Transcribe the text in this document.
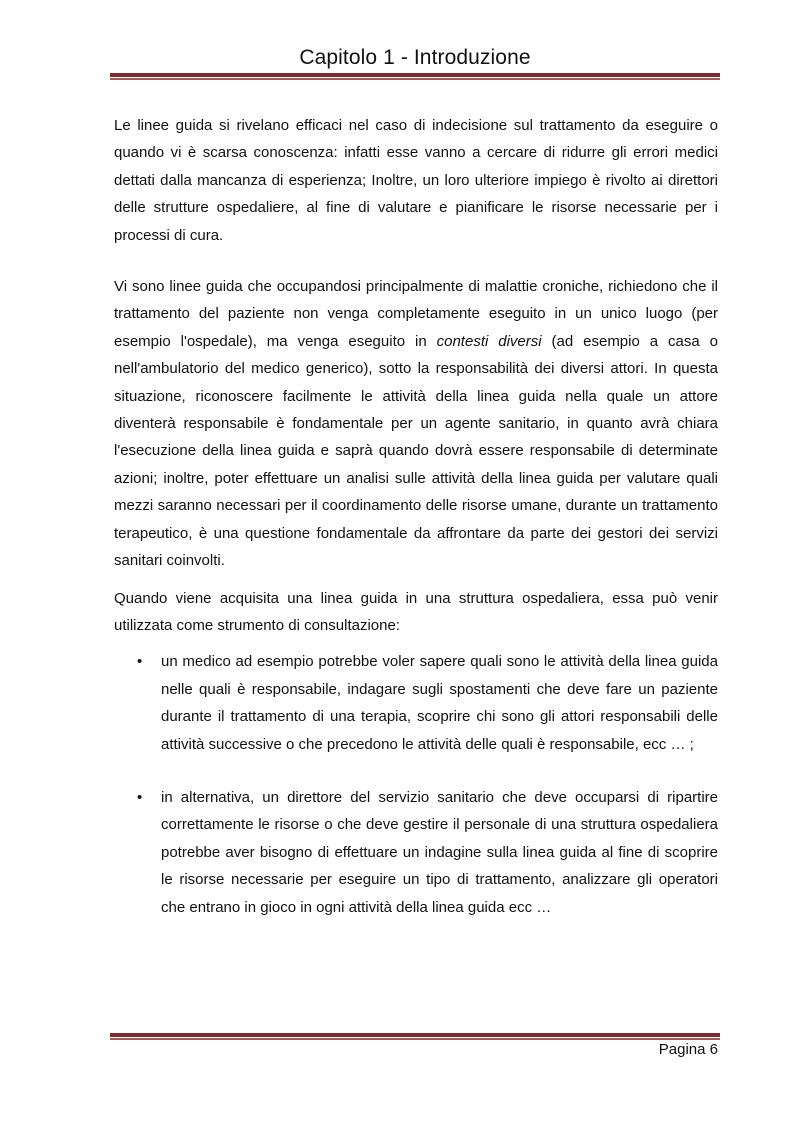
Capitolo 1 - Introduzione

Le linee guida si rivelano efficaci nel caso di indecisione sul trattamento da eseguire o quando vi è scarsa conoscenza: infatti esse vanno a cercare di ridurre gli errori medici dettati dalla mancanza di esperienza; Inoltre, un loro ulteriore impiego è rivolto ai direttori delle strutture ospedaliere, al fine di valutare e pianificare le risorse necessarie per i processi di cura.

Vi sono linee guida che occupandosi principalmente di malattie croniche, richiedono che il trattamento del paziente non venga completamente eseguito in un unico luogo (per esempio l'ospedale), ma venga eseguito in contesti diversi (ad esempio a casa o nell'ambulatorio del medico generico), sotto la responsabilità dei diversi attori. In questa situazione, riconoscere facilmente le attività della linea guida nella quale un attore diventerà responsabile è fondamentale per un agente sanitario, in quanto avrà chiara l'esecuzione della linea guida e saprà quando dovrà essere responsabile di determinate azioni; inoltre, poter effettuare un analisi sulle attività della linea guida per valutare quali mezzi saranno necessari per il coordinamento delle risorse umane, durante un trattamento terapeutico, è una questione fondamentale da affrontare da parte dei gestori dei servizi sanitari coinvolti.

Quando viene acquisita una linea guida in una struttura ospedaliera, essa può venir utilizzata come strumento di consultazione:

• un medico ad esempio potrebbe voler sapere quali sono le attività della linea guida nelle quali è responsabile, indagare sugli spostamenti che deve fare un paziente durante il trattamento di una terapia, scoprire chi sono gli attori responsabili delle attività successive o che precedono le attività delle quali è responsabile, ecc … ;
• in alternativa, un direttore del servizio sanitario che deve occuparsi di ripartire correttamente le risorse o che deve gestire il personale di una struttura ospedaliera potrebbe aver bisogno di effettuare un indagine sulla linea guida al fine di scoprire le risorse necessarie per eseguire un tipo di trattamento, analizzare gli operatori che entrano in gioco in ogni attività della linea guida ecc …
Pagina 6
